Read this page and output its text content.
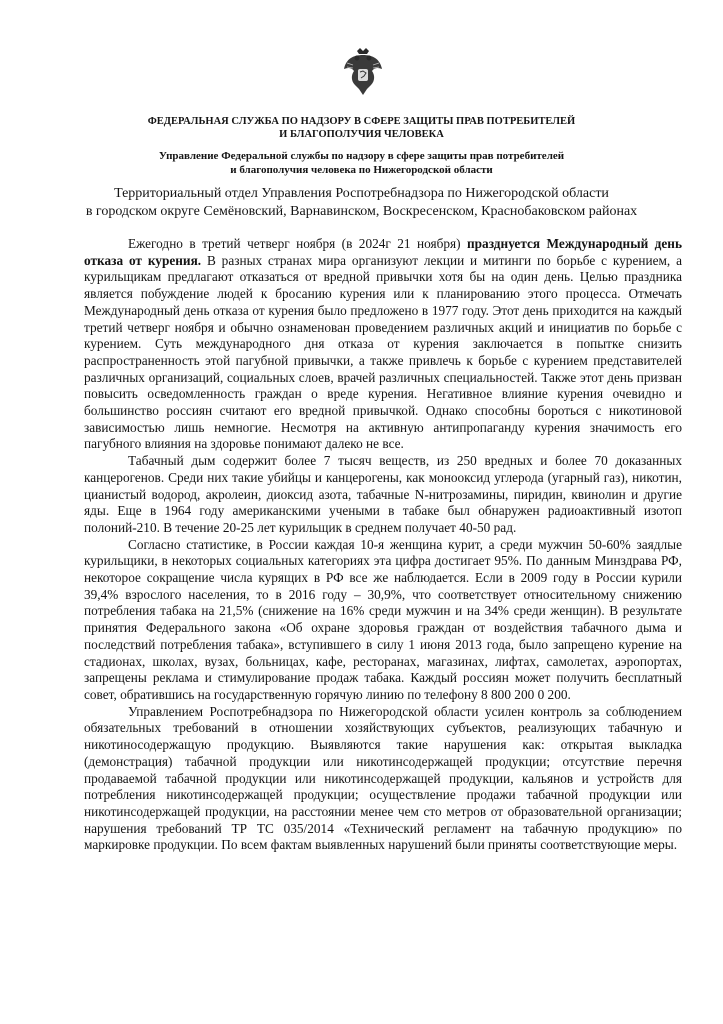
ФЕДЕРАЛЬНАЯ СЛУЖБА ПО НАДЗОРУ В СФЕРЕ ЗАЩИТЫ ПРАВ ПОТРЕБИТЕЛЕЙ
И БЛАГОПОЛУЧИЯ ЧЕЛОВЕКА
Управление Федеральной службы по надзору в сфере защиты прав потребителей
и благополучия человека по Нижегородской области
Территориальный отдел Управления Роспотребнадзора по Нижегородской области
в городском округе Семёновский, Варнавинском, Воскресенском, Краснобаковском районах

Ежегодно в третий четверг ноября (в 2024г 21 ноября) празднуется Международный день отказа от курения. В разных странах мира организуют лекции и митинги по борьбе с курением, а курильщикам предлагают отказаться от вредной привычки хотя бы на один день. Целью праздника является побуждение людей к бросанию курения или к планированию этого процесса. Отмечать Международный день отказа от курения было предложено в 1977 году. Этот день приходится на каждый третий четверг ноября и обычно ознаменован проведением различных акций и инициатив по борьбе с курением. Суть международного дня отказа от курения заключается в попытке снизить распространенность этой пагубной привычки, а также привлечь к борьбе с курением представителей различных организаций, социальных слоев, врачей различных специальностей. Также этот день призван повысить осведомленность граждан о вреде курения. Негативное влияние курения очевидно и большинство россиян считают его вредной привычкой. Однако способны бороться с никотиновой зависимостью лишь немногие. Несмотря на активную антипропаганду курения значимость его пагубного влияния на здоровье понимают далеко не все.

Табачный дым содержит более 7 тысяч веществ, из 250 вредных и более 70 доказанных канцерогенов. Среди них такие убийцы и канцерогены, как монооксид углерода (угарный газ), никотин, цианистый водород, акролеин, диоксид азота, табачные N-нитрозамины, пиридин, квинолин и другие яды. Еще в 1964 году американскими учеными в табаке был обнаружен радиоактивный изотоп полоний-210. В течение 20-25 лет курильщик в среднем получает 40-50 рад.

Согласно статистике, в России каждая 10-я женщина курит, а среди мужчин 50-60% заядлые курильщики, в некоторых социальных категориях эта цифра достигает 95%. По данным Минздрава РФ, некоторое сокращение числа курящих в РФ все же наблюдается. Если в 2009 году в России курили 39,4% взрослого населения, то в 2016 году – 30,9%, что соответствует относительному снижению потребления табака на 21,5% (снижение на 16% среди мужчин и на 34% среди женщин). В результате принятия Федерального закона «Об охране здоровья граждан от воздействия табачного дыма и последствий потребления табака», вступившего в силу 1 июня 2013 года, было запрещено курение на стадионах, школах, вузах, больницах, кафе, ресторанах, магазинах, лифтах, самолетах, аэропортах, запрещены реклама и стимулирование продаж табака. Каждый россиян может получить бесплатный совет, обратившись на государственную горячую линию по телефону 8 800 200 0 200.

Управлением Роспотребнадзора по Нижегородской области усилен контроль за соблюдением обязательных требований в отношении хозяйствующих субъектов, реализующих табачную и никотиносодержащую продукцию. Выявляются такие нарушения как: открытая выкладка (демонстрация) табачной продукции или никотинсодержащей продукции; отсутствие перечня продаваемой табачной продукции или никотинсодержащей продукции, кальянов и устройств для потребления никотинсодержащей продукции; осуществление продажи табачной продукции или никотинсодержащей продукции, на расстоянии менее чем сто метров от образовательной организации; нарушения требований ТР ТС 035/2014 «Технический регламент на табачную продукцию» по маркировке продукции. По всем фактам выявленных нарушений были приняты соответствующие меры.
